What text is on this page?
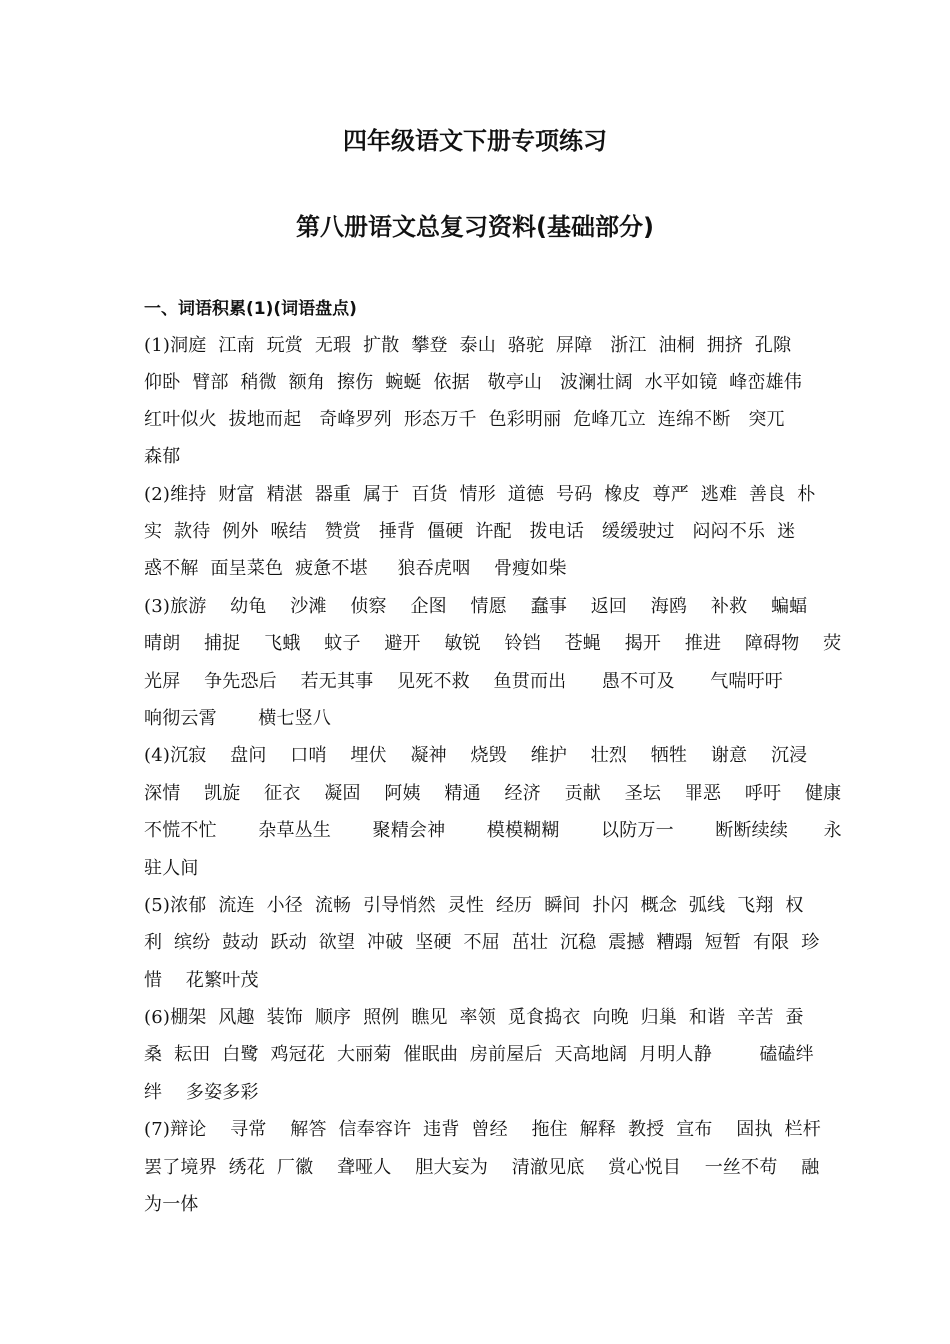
四年级语文下册专项练习
第八册语文总复习资料(基础部分)
一、词语积累(1)(词语盘点)
(1)洞庭  江南  玩赏  无瑕  扩散  攀登  泰山  骆驼  屏障   浙江  油桐  拥挤  孔隙
仰卧  臂部  稍微  额角  擦伤  蜿蜒  依据   敬亭山   波澜壮阔  水平如镜  峰峦雄伟
红叶似火  拔地而起   奇峰罗列  形态万千  色彩明丽  危峰兀立  连绵不断   突兀
森郁
(2)维持  财富  精湛  器重  属于  百货  情形  道德  号码  橡皮  尊严  逃难  善良  朴
实  款待  例外  喉结   赞赏   捶背  僵硬  许配   拨电话   缓缓驶过   闷闷不乐  迷
惑不解  面呈菜色  疲惫不堪     狼吞虎咽    骨瘦如柴
(3)旅游    幼龟    沙滩    侦察    企图    情愿    蠢事    返回    海鸥    补救    蝙蝠
晴朗    捕捉    飞蛾    蚊子    避开    敏锐    铃铛    苍蝇    揭开    推进    障碍物    荧
光屏    争先恐后    若无其事    见死不救    鱼贯而出      愚不可及      气喘吁吁
响彻云霄       横七竖八
(4)沉寂    盘问    口哨    埋伏    凝神    烧毁    维护    壮烈    牺牲    谢意    沉浸
深情    凯旋    征衣    凝固    阿姨    精通    经济    贡献    圣坛    罪恶    呼吁    健康
不慌不忙       杂草丛生       聚精会神       模模糊糊       以防万一       断断续续      永
驻人间
(5)浓郁  流连  小径  流畅  引导悄然  灵性  经历  瞬间  扑闪  概念  弧线  飞翔  权
利  缤纷  鼓动  跃动  欲望  冲破  坚硬  不屈  茁壮  沉稳  震撼  糟蹋  短暂  有限  珍
惜    花繁叶茂
(6)棚架  风趣  装饰  顺序  照例  瞧见  率领  觅食捣衣  向晚  归巢  和谐  辛苦  蚕
桑  耘田  白鹭  鸡冠花  大丽菊  催眠曲  房前屋后  天高地阔  月明人静        磕磕绊
绊    多姿多彩
(7)辩论    寻常    解答  信奉容许  违背  曾经    拖住  解释  教授  宣布    固执  栏杆
罢了境界  绣花  厂徽    聋哑人    胆大妄为    清澈见底    赏心悦目    一丝不苟    融
为一体
